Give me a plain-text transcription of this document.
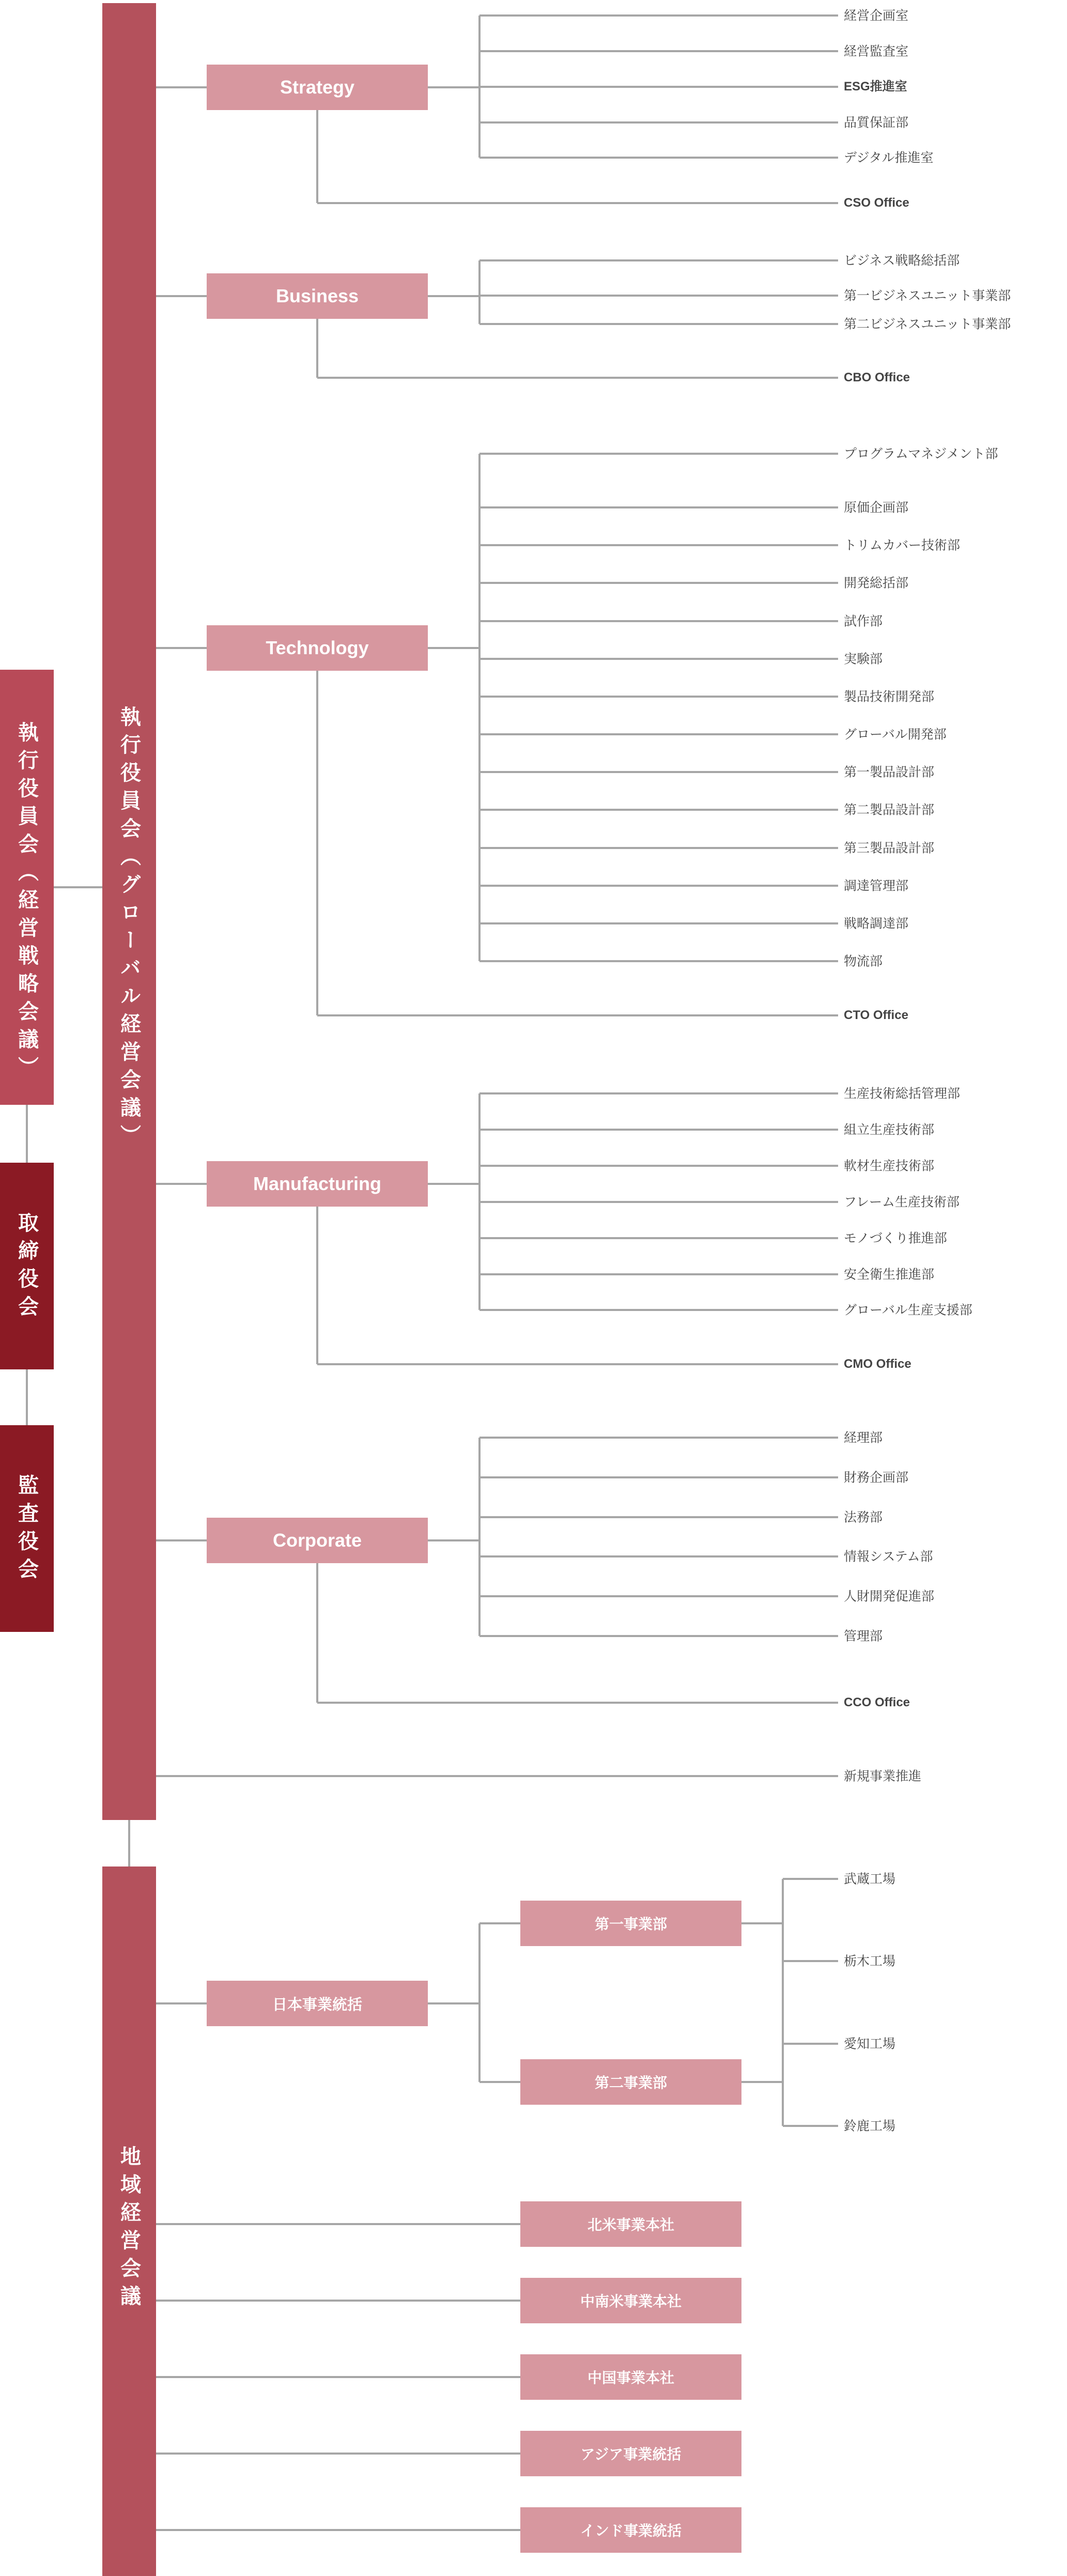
執行役員会（経営戦略会議）
取締役会
監査役会
執行役員会（グローバル経営会議）
地域経営会議
Strategy
Business
Technology
Manufacturing
Corporate
日本事業統括
第一事業部
第二事業部
北米事業本社
中南米事業本社
中国事業本社
アジア事業統括
インド事業統括
経営企画室
経営監査室
ESG推進室
品質保証部
デジタル推進室
CSO Office
ビジネス戦略総括部
第一ビジネスユニット事業部
第二ビジネスユニット事業部
CBO Office
プログラムマネジメント部
原価企画部
トリムカバー技術部
開発総括部
試作部
実験部
製品技術開発部
グローバル開発部
第一製品設計部
第二製品設計部
第三製品設計部
調達管理部
戦略調達部
物流部
CTO Office
生産技術総括管理部
組立生産技術部
軟材生産技術部
フレーム生産技術部
モノづくり推進部
安全衛生推進部
グローバル生産支援部
CMO Office
経理部
財務企画部
法務部
情報システム部
人財開発促進部
管理部
CCO Office
新規事業推進
武蔵工場
栃木工場
愛知工場
鈴鹿工場
